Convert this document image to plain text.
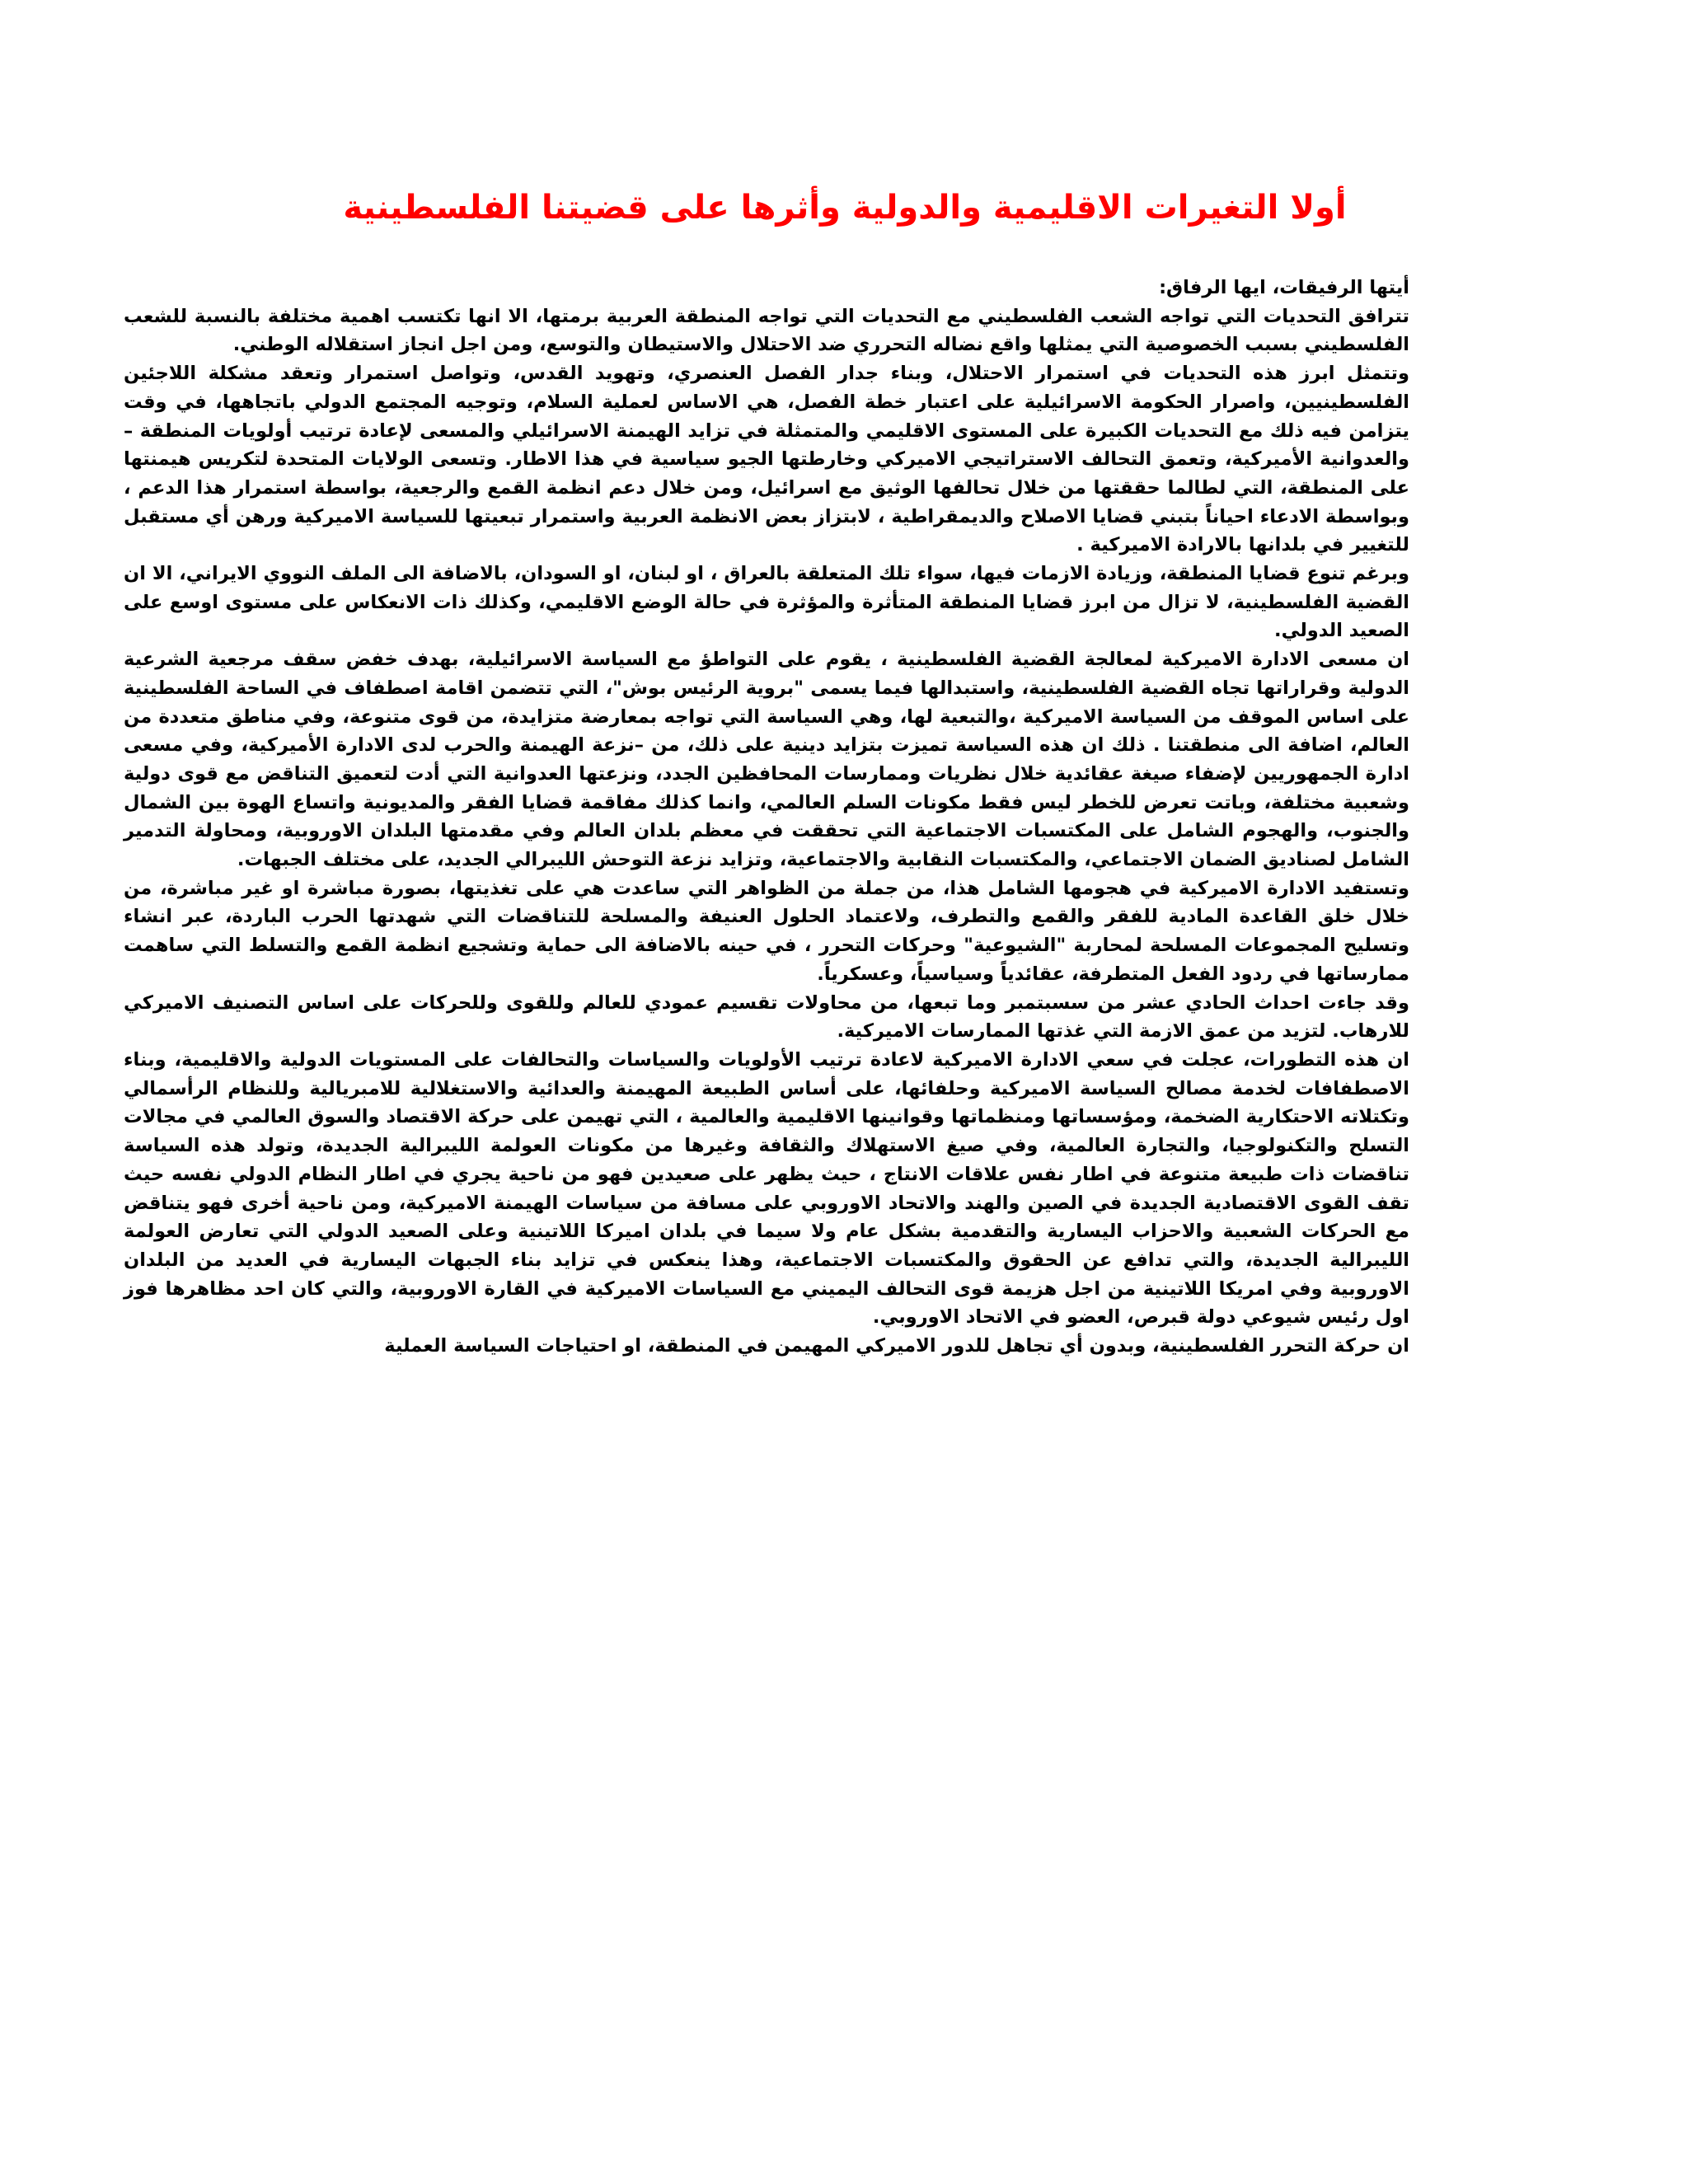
أولا التغيرات الاقليمية والدولية وأثرها على قضيتنا الفلسطينية

أيتها الرفيقات، ايها الرفاق:

تترافق التحديات التي تواجه الشعب الفلسطيني مع التحديات التي تواجه المنطقة العربية برمتها، الا انها تكتسب اهمية مختلفة بالنسبة للشعب الفلسطيني بسبب الخصوصية التي يمثلها واقع نضاله التحرري ضد الاحتلال والاستيطان والتوسع، ومن اجل انجاز استقلاله الوطني.

وتتمثل ابرز هذه التحديات في استمرار الاحتلال، وبناء جدار الفصل العنصري، وتهويد القدس، وتواصل استمرار وتعقد مشكلة اللاجئين الفلسطينيين، واصرار الحكومة الاسرائيلية على اعتبار خطة الفصل، هي الاساس لعملية السلام، وتوجيه المجتمع الدولي باتجاهها، في وقت يتزامن فيه ذلك مع التحديات الكبيرة على المستوى الاقليمي والمتمثلة في تزايد الهيمنة الاسرائيلي والمسعى لإعادة ترتيب أولويات المنطقة – والعدوانية الأميركية، وتعمق التحالف الاستراتيجي الاميركي وخارطتها الجيو سياسية في هذا الاطار. وتسعى الولايات المتحدة لتكريس هيمنتها على المنطقة، التي لطالما حققتها من خلال تحالفها الوثيق مع اسرائيل، ومن خلال دعم انظمة القمع والرجعية، بواسطة استمرار هذا الدعم ، وبواسطة الادعاء احياناً بتبني قضايا الاصلاح والديمقراطية ، لابتزاز بعض الانظمة العربية واستمرار تبعيتها للسياسة الاميركية ورهن أي مستقبل للتغيير في بلدانها بالارادة الاميركية .

وبرغم تنوع قضايا المنطقة، وزيادة الازمات فيها، سواء تلك المتعلقة بالعراق ، او لبنان، او السودان، بالاضافة الى الملف النووي الايراني، الا ان القضية الفلسطينية، لا تزال من ابرز قضايا المنطقة المتأثرة والمؤثرة في حالة الوضع الاقليمي، وكذلك ذات الانعكاس على مستوى اوسع على الصعيد الدولي.

ان مسعى الادارة الاميركية لمعالجة القضية الفلسطينية ، يقوم على التواطؤ مع السياسة الاسرائيلية، بهدف خفض سقف مرجعية الشرعية الدولية وقراراتها تجاه القضية الفلسطينية، واستبدالها فيما يسمى "بروية الرئيس بوش"، التي تتضمن اقامة اصطفاف في الساحة الفلسطينية على اساس الموقف من السياسة الاميركية ،والتبعية لها، وهي السياسة التي تواجه بمعارضة متزايدة، من قوى متنوعة، وفي مناطق متعددة من العالم، اضافة الى منطقتنا . ذلك ان هذه السياسة تميزت بتزايد دينية على ذلك، من –نزعة الهيمنة والحرب لدى الادارة الأميركية، وفي مسعى ادارة الجمهوريين لإضفاء صيغة عقائدية خلال نظريات وممارسات المحافظين الجدد، ونزعتها العدوانية التي أدت لتعميق التناقض مع قوى دولية وشعبية مختلفة، وباتت تعرض للخطر ليس فقط مكونات السلم العالمي، وانما كذلك مفاقمة قضايا الفقر والمديونية واتساع الهوة بين الشمال والجنوب، والهجوم الشامل على المكتسبات الاجتماعية التي تحققت في معظم بلدان العالم وفي مقدمتها البلدان الاوروبية، ومحاولة التدمير الشامل لصناديق الضمان الاجتماعي، والمكتسبات النقابية والاجتماعية، وتزايد نزعة التوحش الليبرالي الجديد، على مختلف الجبهات.

وتستفيد الادارة الاميركية في هجومها الشامل هذا، من جملة من الظواهر التي ساعدت هي على تغذيتها، بصورة مباشرة او غير مباشرة، من خلال خلق القاعدة المادية للفقر والقمع والتطرف، ولاعتماد الحلول العنيفة والمسلحة للتناقضات التي شهدتها الحرب الباردة، عبر انشاء وتسليح المجموعات المسلحة لمحاربة "الشيوعية" وحركات التحرر ، في حينه بالاضافة الى حماية وتشجيع انظمة القمع والتسلط التي ساهمت ممارساتها في ردود الفعل المتطرفة، عقائدياً وسياسياً، وعسكرياً.

وقد جاءت احداث الحادي عشر من سسبتمبر وما تبعها، من محاولات تقسيم عمودي للعالم وللقوى وللحركات على اساس التصنيف الاميركي للارهاب. لتزيد من عمق الازمة التي غذتها الممارسات الاميركية.

ان هذه التطورات، عجلت في سعي الادارة الاميركية لاعادة ترتيب الأولويات والسياسات والتحالفات على المستويات الدولية والاقليمية، وبناء الاصطفافات لخدمة مصالح السياسة الاميركية وحلفائها، على أساس الطبيعة المهيمنة والعدائية والاستغلالية للامبريالية وللنظام الرأسمالي وتكتلاته الاحتكارية الضخمة، ومؤسساتها ومنظماتها وقوانينها الاقليمية والعالمية ، التي تهيمن على حركة الاقتصاد والسوق العالمي في مجالات التسلح والتكنولوجيا، والتجارة العالمية، وفي صيغ الاستهلاك والثقافة وغيرها من مكونات العولمة الليبرالية الجديدة، وتولد هذه السياسة تناقضات ذات طبيعة متنوعة في اطار نفس علاقات الانتاج ، حيث يظهر على صعيدين فهو من ناحية يجري في اطار النظام الدولي نفسه حيث تقف القوى الاقتصادية الجديدة في الصين والهند والاتحاد الاوروبي على مسافة من سياسات الهيمنة الاميركية، ومن ناحية أخرى فهو يتناقض مع الحركات الشعبية والاحزاب اليسارية والتقدمية بشكل عام ولا سيما في بلدان اميركا اللاتينية وعلى الصعيد الدولي التي تعارض العولمة الليبرالية الجديدة، والتي تدافع عن الحقوق والمكتسبات الاجتماعية، وهذا ينعكس في تزايد بناء الجبهات اليسارية في العديد من البلدان الاوروبية وفي امريكا اللاتينية من اجل هزيمة قوى التحالف اليميني مع السياسات الاميركية في القارة الاوروبية، والتي كان احد مظاهرها فوز اول رئيس شيوعي دولة قبرص، العضو في الاتحاد الاوروبي.

ان حركة التحرر الفلسطينية، وبدون أي تجاهل للدور الاميركي المهيمن في المنطقة، او احتياجات السياسة العملية
